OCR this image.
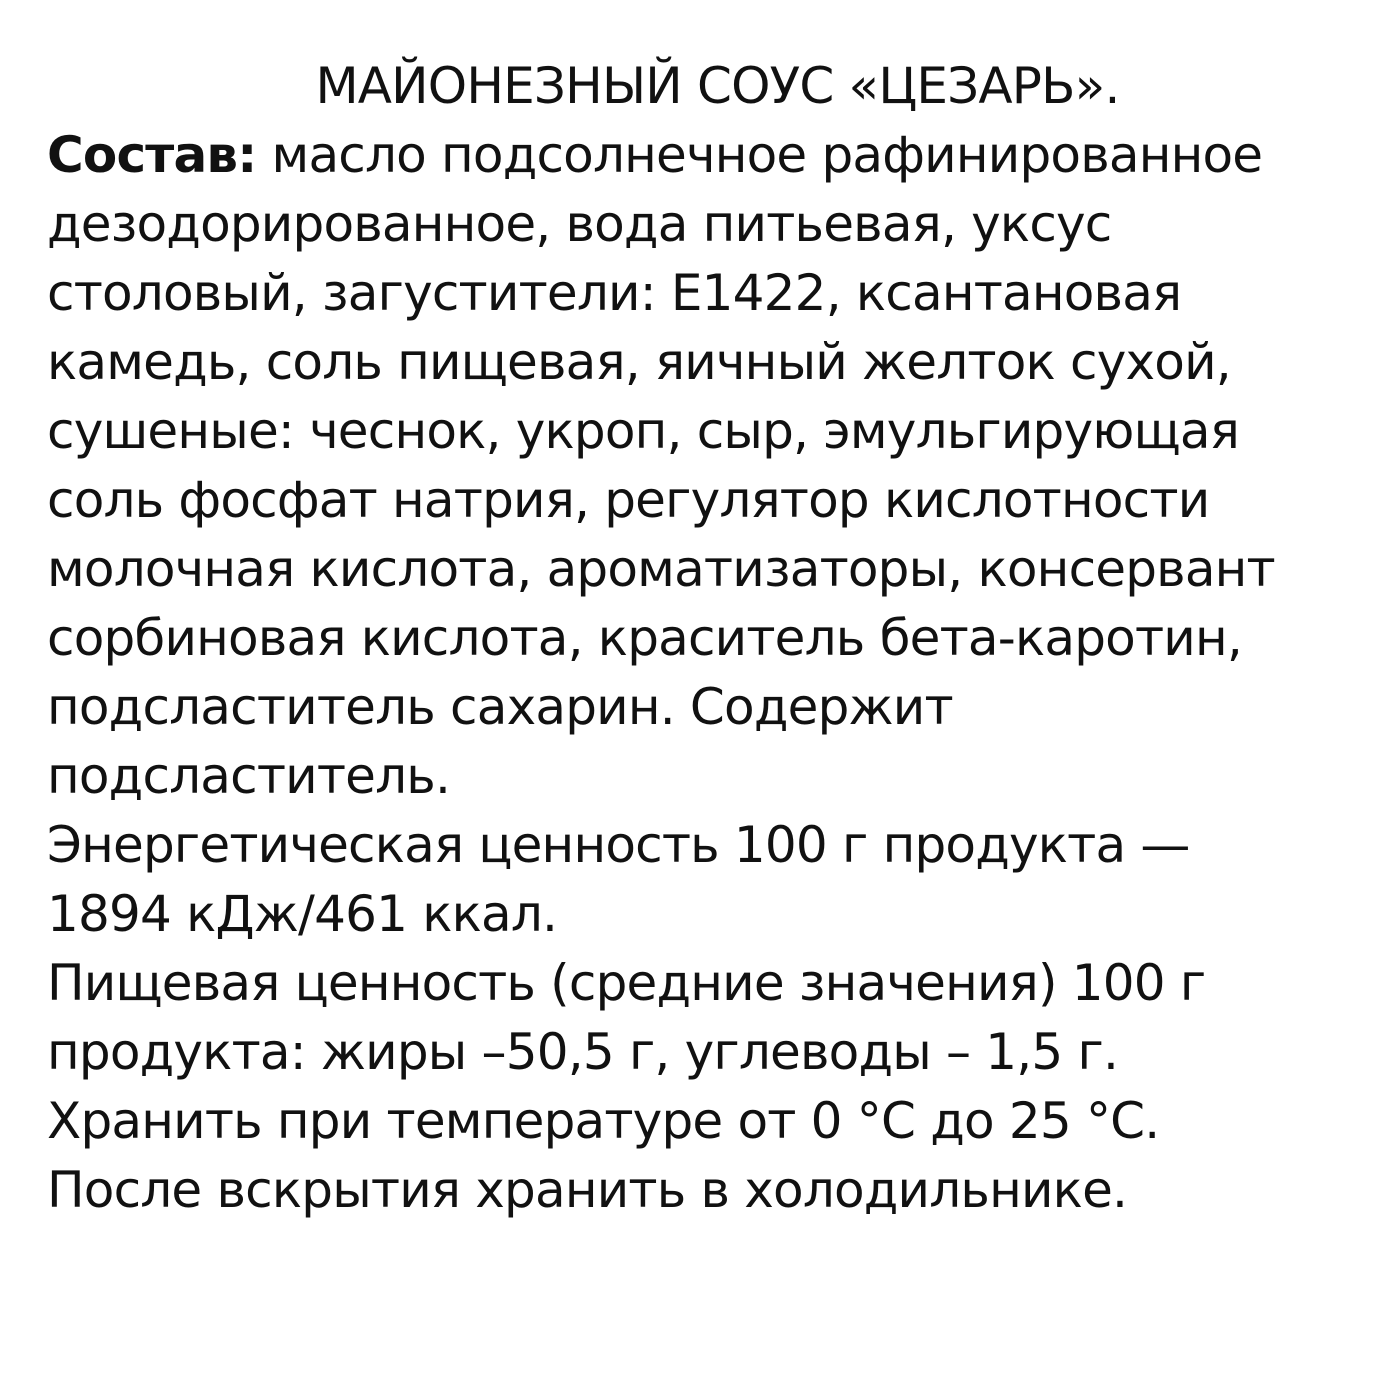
МАЙОНЕЗНЫЙ СОУС «ЦЕЗАРЬ».
Состав: масло подсолнечное рафинированное
дезодорированное, вода питьевая, уксус
столовый, загустители: Е1422, ксантановая
камедь, соль пищевая, яичный желток сухой,
сушеные: чеснок, укроп, сыр, эмульгирующая
соль фосфат натрия, регулятор кислотности
молочная кислота, ароматизаторы, консервант
сорбиновая кислота, краситель бета-каротин,
подсластитель сахарин. Содержит
подсластитель.
Энергетическая ценность 100 г продукта —
1894 кДж/461 ккал.
Пищевая ценность (средние значения) 100 г
продукта: жиры –50,5 г, углеводы – 1,5 г.
Хранить при температуре от 0 °С до 25 °С.
После вскрытия хранить в холодильнике.
